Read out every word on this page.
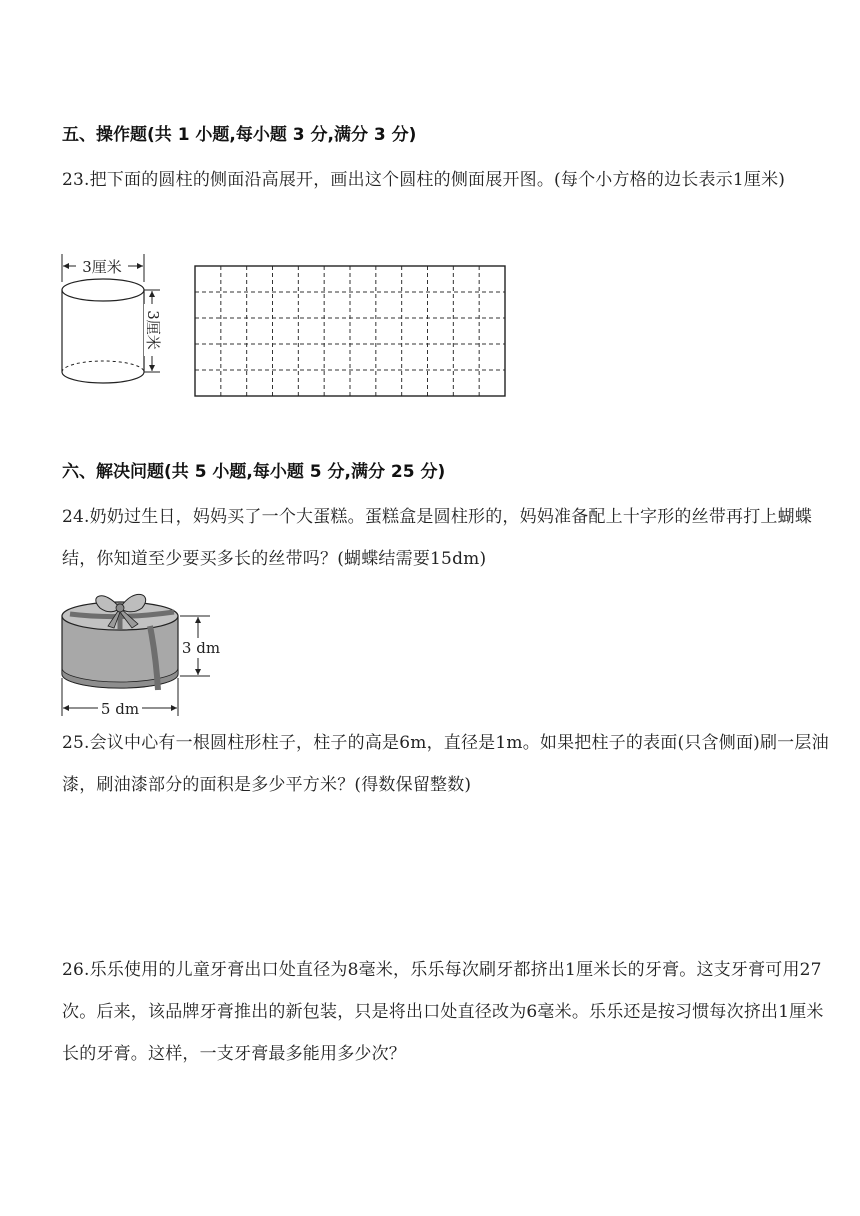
五、操作题(共 1 小题,每小题 3 分,满分 3 分)

23.把下面的圆柱的侧面沿高展开，画出这个圆柱的侧面展开图。(每个小方格的边长表示1厘米)

3厘米
3厘米
六、解决问题(共 5 小题,每小题 5 分,满分 25 分)

24.奶奶过生日，妈妈买了一个大蛋糕。蛋糕盒是圆柱形的，妈妈准备配上十字形的丝带再打上蝴蝶结，你知道至少要买多长的丝带吗？(蝴蝶结需要15dm)

3 dm
5 dm

25.会议中心有一根圆柱形柱子，柱子的高是6m，直径是1m。如果把柱子的表面(只含侧面)刷一层油漆，刷油漆部分的面积是多少平方米？(得数保留整数)

26.乐乐使用的儿童牙膏出口处直径为8毫米，乐乐每次刷牙都挤出1厘米长的牙膏。这支牙膏可用27次。后来，该品牌牙膏推出的新包装，只是将出口处直径改为6毫米。乐乐还是按习惯每次挤出1厘米长的牙膏。这样，一支牙膏最多能用多少次？
